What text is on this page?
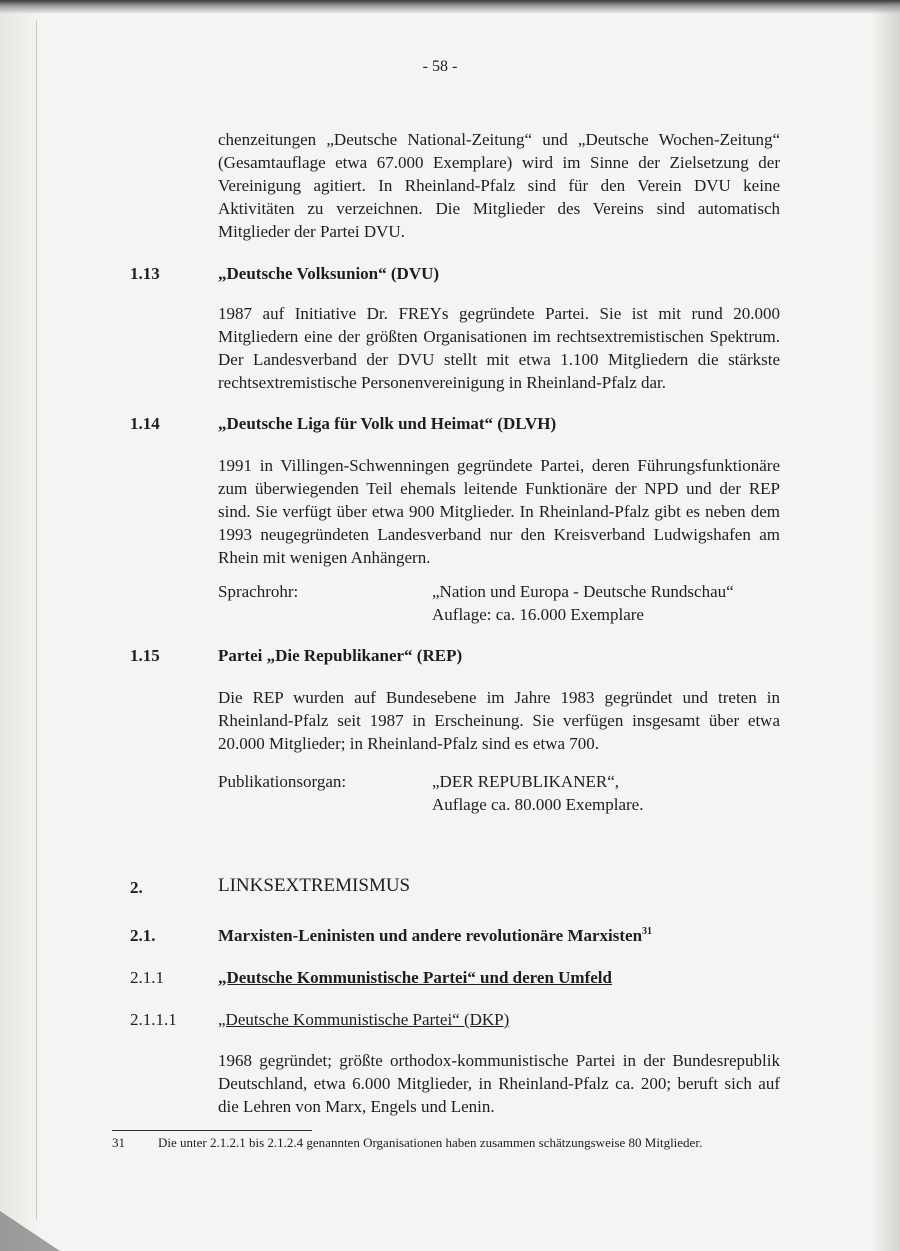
- 58 -

chenzeitungen „Deutsche National-Zeitung“ und „Deutsche Wochen-Zeitung“ (Gesamtauflage etwa 67.000 Exemplare) wird im Sinne der Zielsetzung der Vereinigung agitiert. In Rheinland-Pfalz sind für den Verein DVU keine Aktivitäten zu verzeichnen. Die Mitglieder des Vereins sind automatisch Mitglieder der Partei DVU.

1.13	„Deutsche Volksunion“ (DVU)

1987 auf Initiative Dr. FREYs gegründete Partei. Sie ist mit rund 20.000 Mitgliedern eine der größten Organisationen im rechtsextremistischen Spektrum. Der Landesverband der DVU stellt mit etwa 1.100 Mitgliedern die stärkste rechtsextremistische Personenvereinigung in Rheinland-Pfalz dar.

1.14	„Deutsche Liga für Volk und Heimat“ (DLVH)

1991 in Villingen-Schwenningen gegründete Partei, deren Führungsfunktionäre zum überwiegenden Teil ehemals leitende Funktionäre der NPD und der REP sind. Sie verfügt über etwa 900 Mitglieder. In Rheinland-Pfalz gibt es neben dem 1993 neugegründeten Landesverband nur den Kreisverband Ludwigshafen am Rhein mit wenigen Anhängern.

Sprachrohr:	„Nation und Europa - Deutsche Rundschau“
Auflage: ca. 16.000 Exemplare
1.15	Partei „Die Republikaner“ (REP)

Die REP wurden auf Bundesebene im Jahre 1983 gegründet und treten in Rheinland-Pfalz seit 1987 in Erscheinung. Sie verfügen insgesamt über etwa 20.000 Mitglieder; in Rheinland-Pfalz sind es etwa 700.

Publikationsorgan:	„DER REPUBLIKANER“,
Auflage ca. 80.000 Exemplare.
2.	LINKSEXTREMISMUS
2.1.	Marxisten-Leninisten und andere revolutionäre Marxisten$^{31}$
2.1.1	„Deutsche Kommunistische Partei“ und deren Umfeld
2.1.1.1 „Deutsche Kommunistische Partei“ (DKP)

1968 gegründet; größte orthodox-kommunistische Partei in der Bundesrepublik Deutschland, etwa 6.000 Mitglieder, in Rheinland-Pfalz ca. 200; beruft sich auf die Lehren von Marx, Engels und Lenin.

31	Die unter 2.1.2.1 bis 2.1.2.4 genannten Organisationen haben zusammen schätzungsweise 80 Mitglieder.
